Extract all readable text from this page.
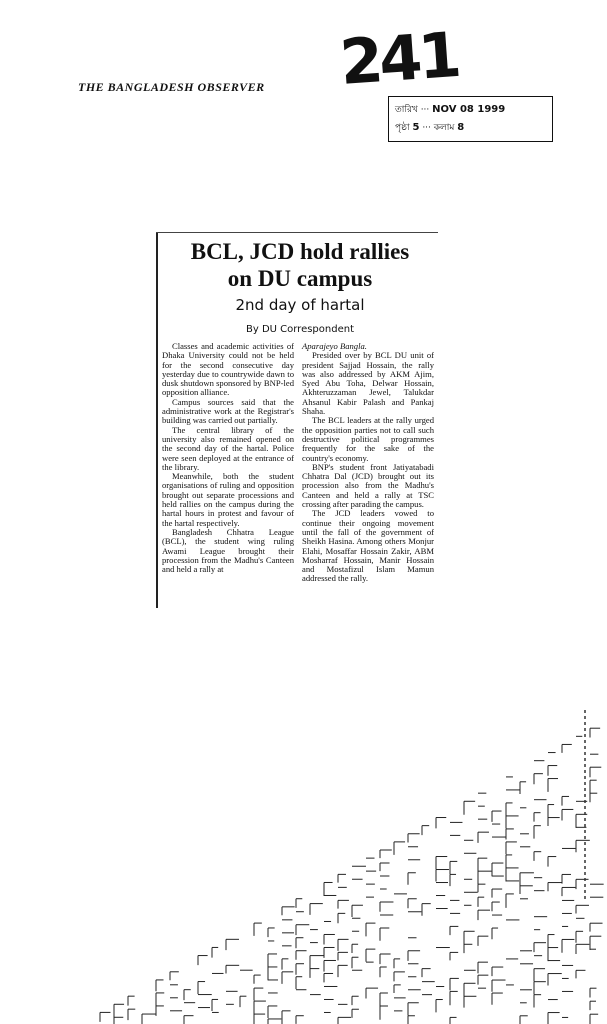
THE BANGLADESH OBSERVER 241
তারিখ ··· NOV 08 1999
পৃষ্ঠা 5 ··· কলাম 8
BCL, JCD hold rallies
on DU campus
2nd day of hartal
By DU Correspondent

Classes and academic activities of Dhaka University could not be held for the second consecutive day yesterday due to countrywide dawn to dusk shutdown sponsored by BNP-led opposition alliance.

Campus sources said that the administrative work at the Registrar's building was carried out partially.

The central library of the university also remained opened on the second day of the hartal. Police were seen deployed at the entrance of the library.

Meanwhile, both the student organisations of ruling and opposition brought out separate processions and held rallies on the campus during the hartal hours in protest and favour of the hartal respectively.

Bangladesh Chhatra League (BCL), the student wing ruling Awami League brought their procession from the Madhu's Canteen and held a rally at

Aparajeyo Bangla.

Presided over by BCL DU unit of president Sajjad Hossain, the rally was also addressed by AKM Ajim, Syed Abu Toha, Delwar Hossain, Akhteruzzaman Jewel, Talukdar Ahsanul Kabir Palash and Pankaj Shaha.

The BCL leaders at the rally urged the opposition parties not to call such destructive political programmes frequently for the sake of the country's economy.

BNP's student front Jatiyatabadi Chhatra Dal (JCD) brought out its procession also from the Madhu's Canteen and held a rally at TSC crossing after parading the campus.

The JCD leaders vowed to continue their ongoing movement until the fall of the government of Sheikh Hasina. Among others Monjur Elahi, Mosaffar Hossain Zakir, ABM Mosharraf Hossain, Manir Hossain and Mostafizul Islam Mamun addressed the rally.
